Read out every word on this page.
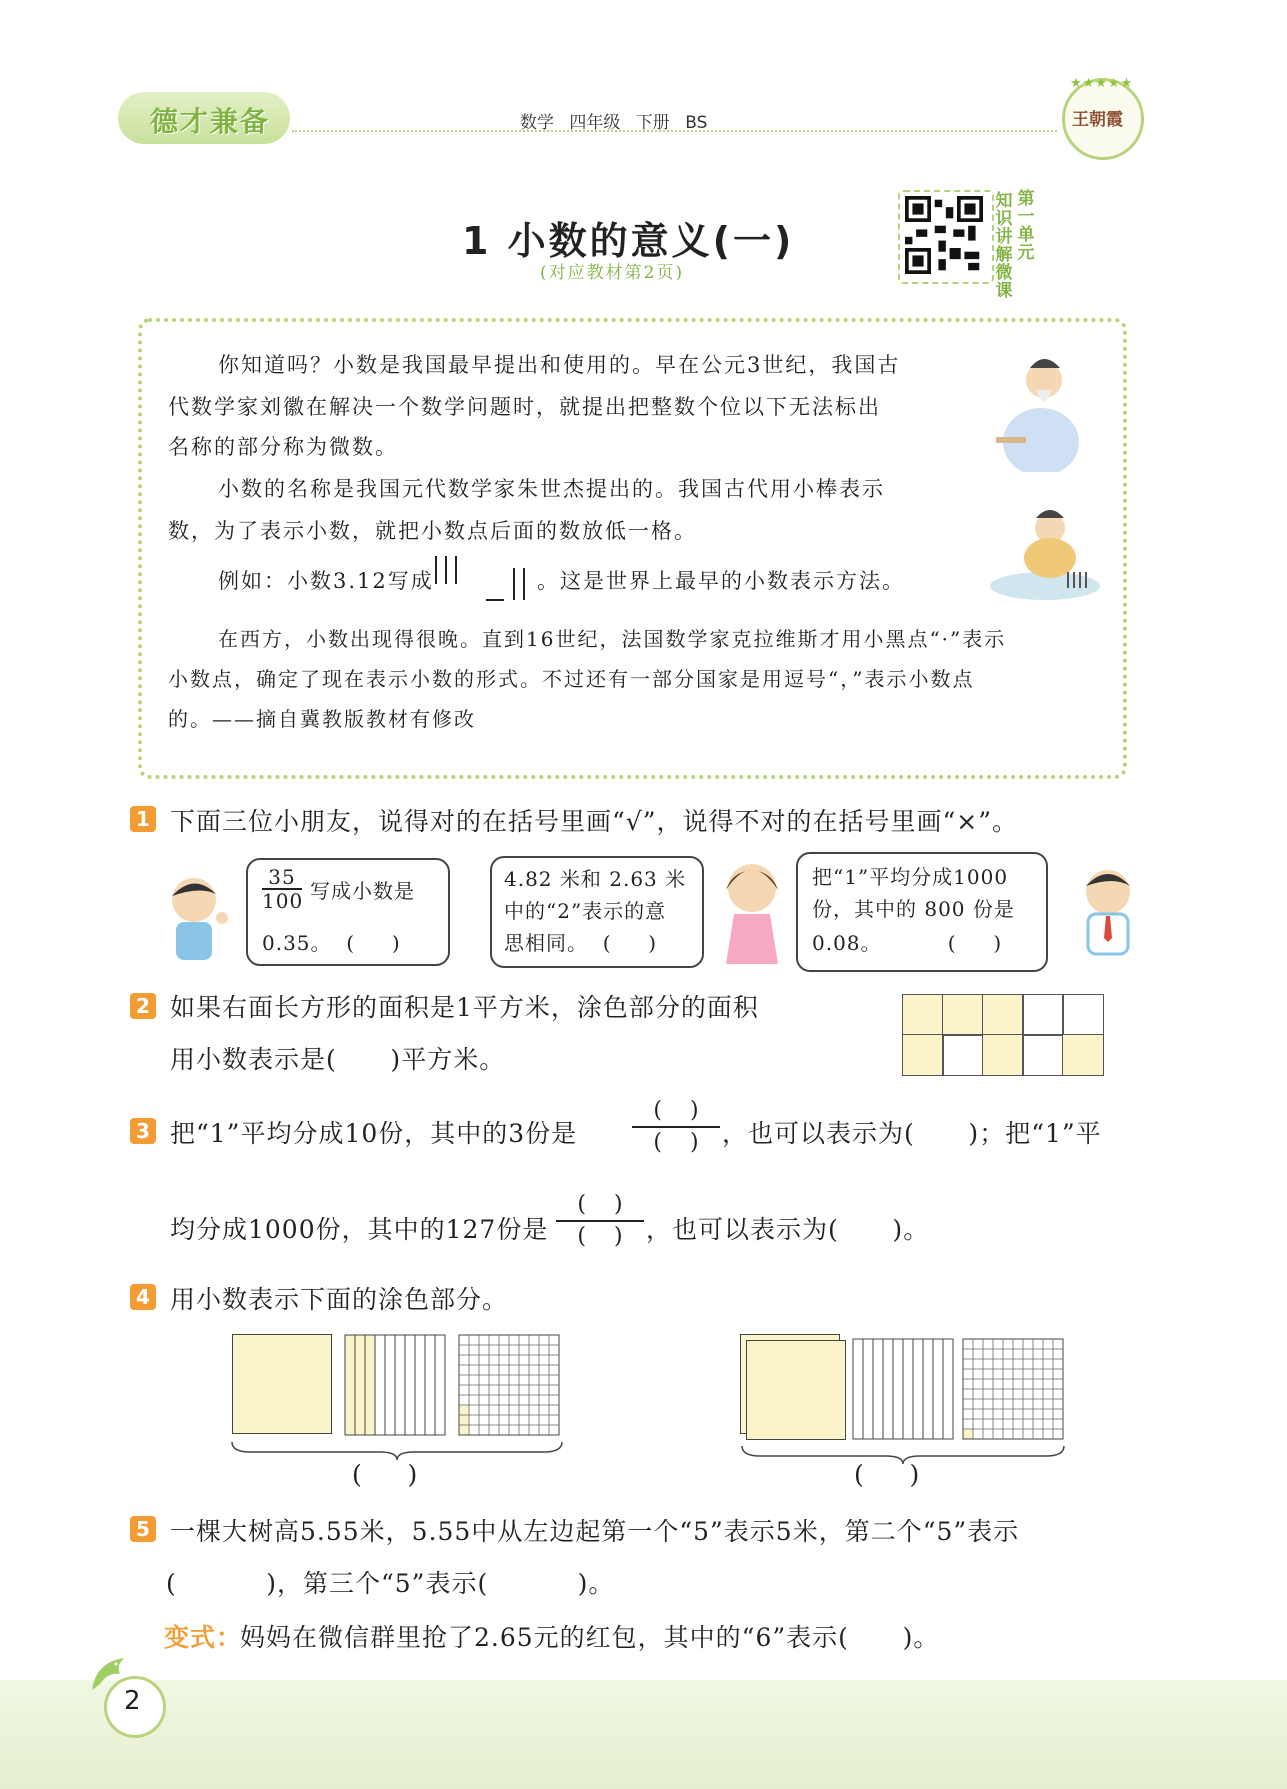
德才兼备	数学 四年级 下册 BS
★★★★★
王朝霞
1 小数的意义(一)
(对应教材第2页)
知识讲解微课
第一单元

你知道吗？小数是我国最早提出和使用的。早在公元3世纪，我国古

代数学家刘徽在解决一个数学问题时，就提出把整数个位以下无法标出

名称的部分称为微数。

小数的名称是我国元代数学家朱世杰提出的。我国古代用小棒表示

数，为了表示小数，就把小数点后面的数放低一格。

例如：小数3.12写成	。这是世界上最早的小数表示方法。

在西方，小数出现得很晚。直到16世纪，法国数学家克拉维斯才用小黑点“·”表示

小数点，确定了现在表示小数的形式。不过还有一部分国家是用逗号“，”表示小数点

的。——摘自冀教版教材有修改

1 下面三位小朋友，说得对的在括号里画“√”，说得不对的在括号里画“×”。
35
100 写成小数是
0.35。  (     )
4.82 米和 2.63 米
中的“2”表示的意
思相同。  (     )
把“1”平均分成1000
份，其中的 800 份是
0.08。         (     )
2 如果右面长方形的面积是1平方米，涂色部分的面积
用小数表示是(      )平方米。
3 把“1”平均分成10份，其中的3份是
(    )
(    ) ，也可以表示为(      )；把“1”平
均分成1000份，其中的127份是
(    )
(    ) ，也可以表示为(      )。
4 用小数表示下面的涂色部分。
(     )	(     )
5 一棵大树高5.55米，5.55中从左边起第一个“5”表示5米，第二个“5”表示
(          )，第三个“5”表示(          )。
变式：
妈妈在微信群里抢了2.65元的红包，其中的“6”表示(      )。
2
